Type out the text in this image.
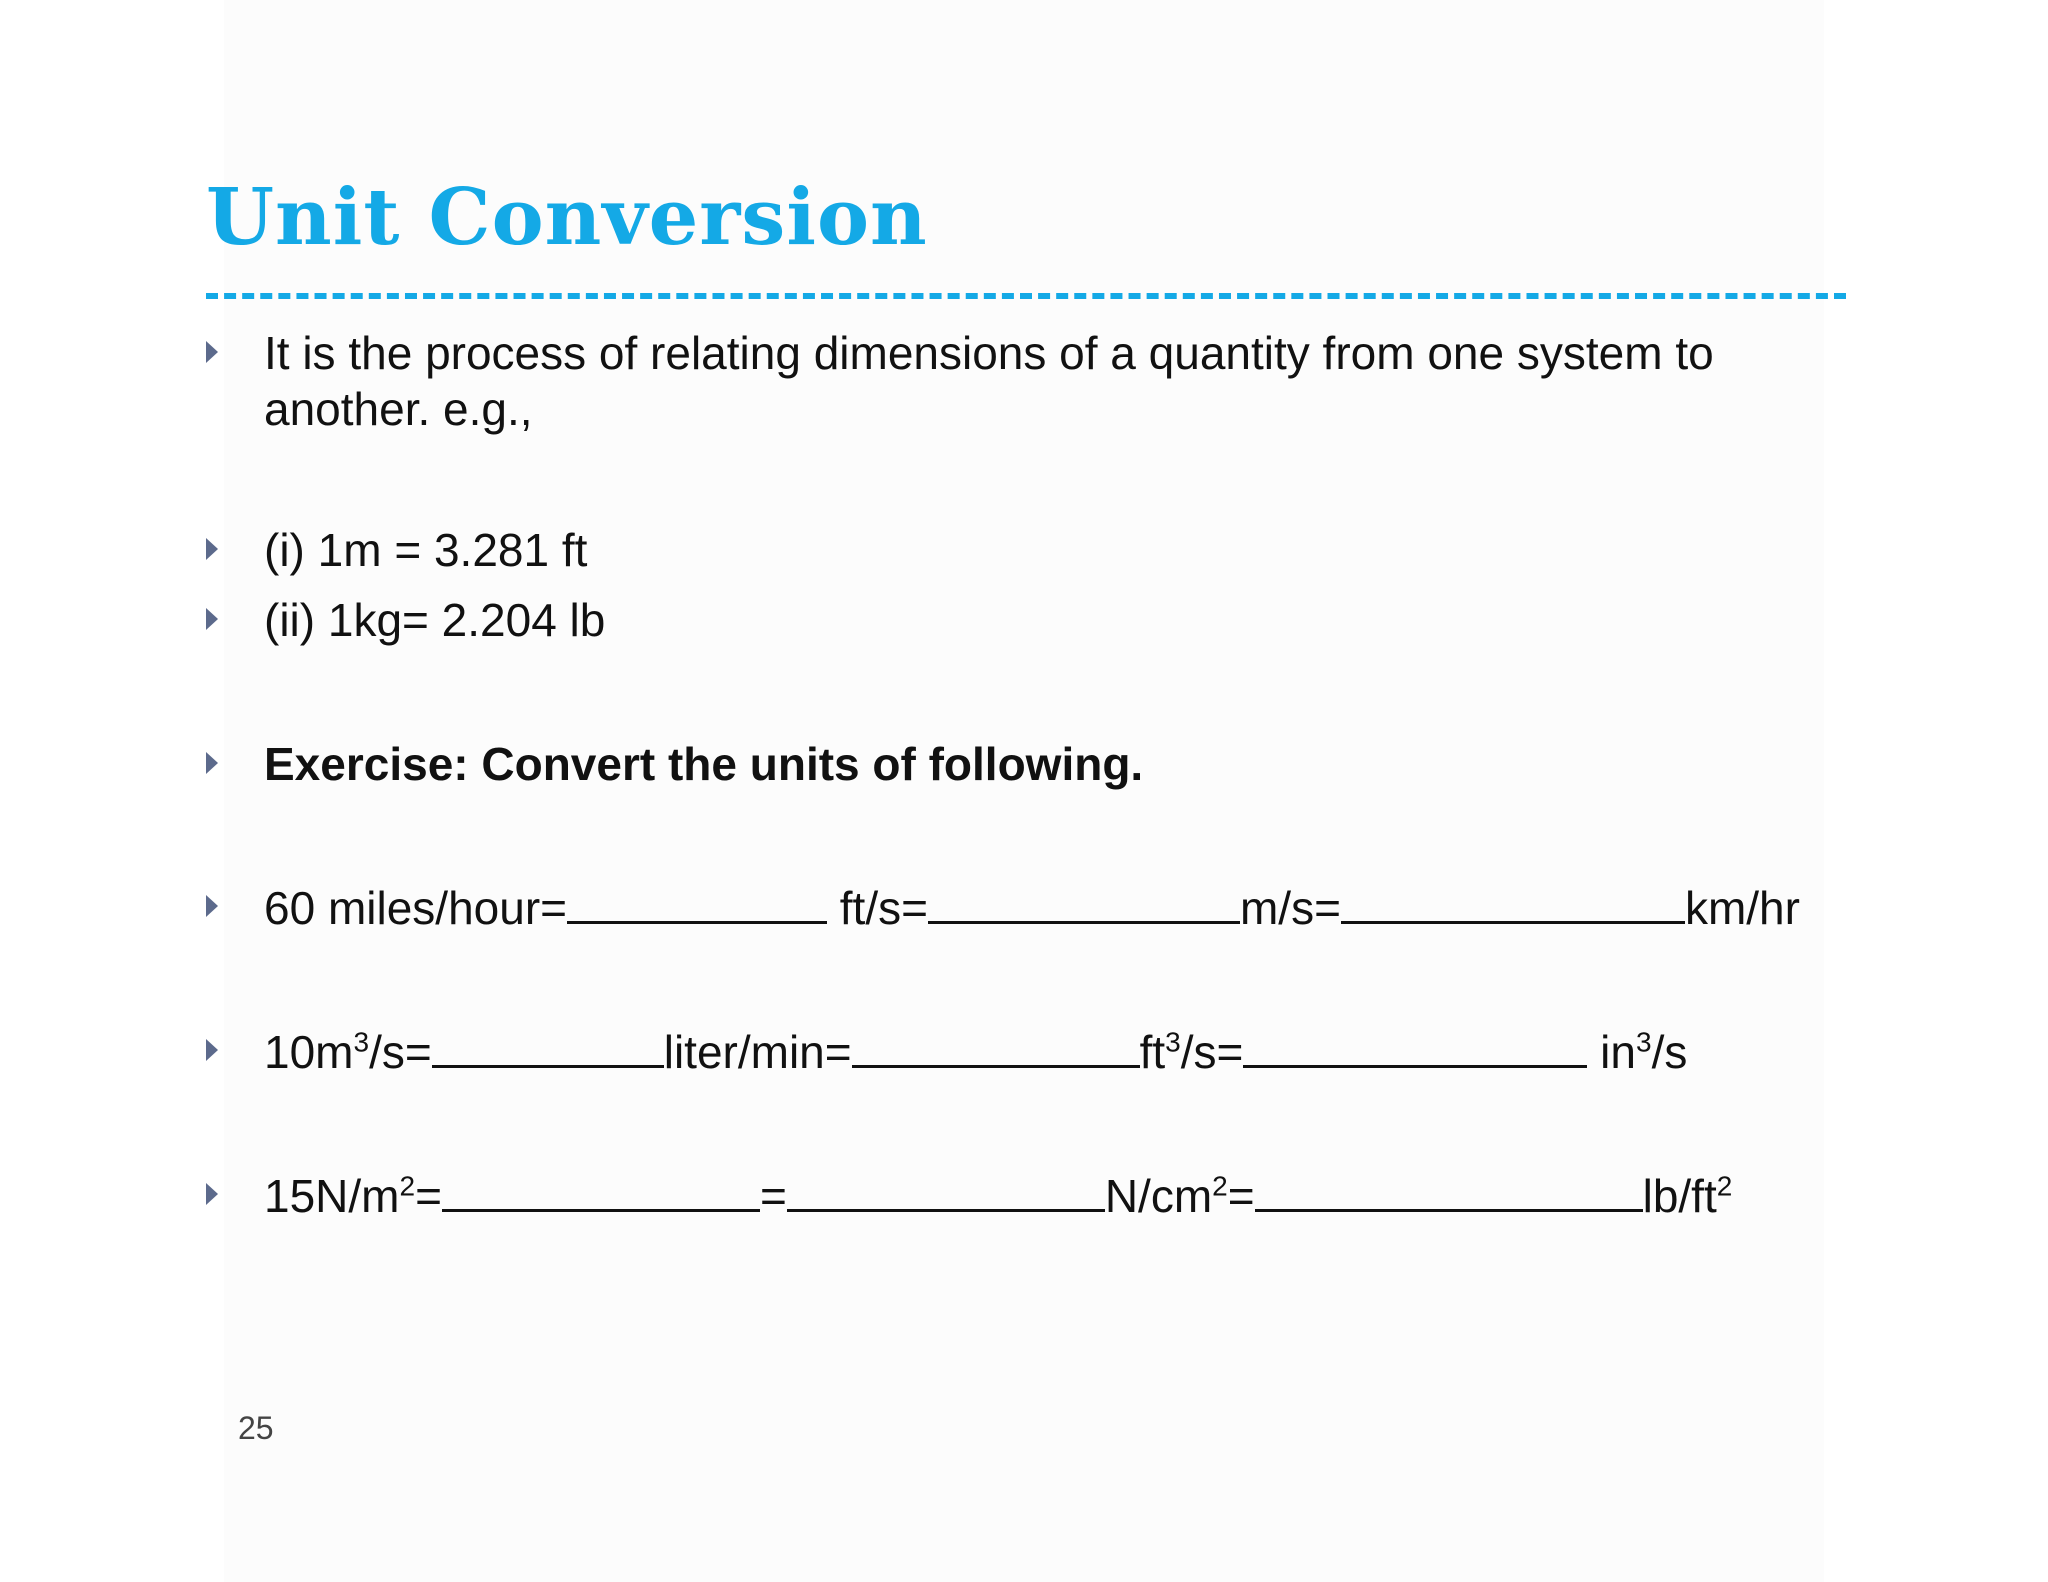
Unit Conversion
It is the process of relating dimensions of a quantity from one system to another. e.g.,
(i) 1m = 3.281 ft
(ii) 1kg= 2.204 lb
Exercise: Convert the units of following.
60 miles/hour=	ft/s=	m/s=	km/hr
$10m^3/s=$	liter/min=	$ft^3/s=$	$in^3/s$
$15N/m^2=$	=	$N/cm^2=$	$lb/ft^2$
25
